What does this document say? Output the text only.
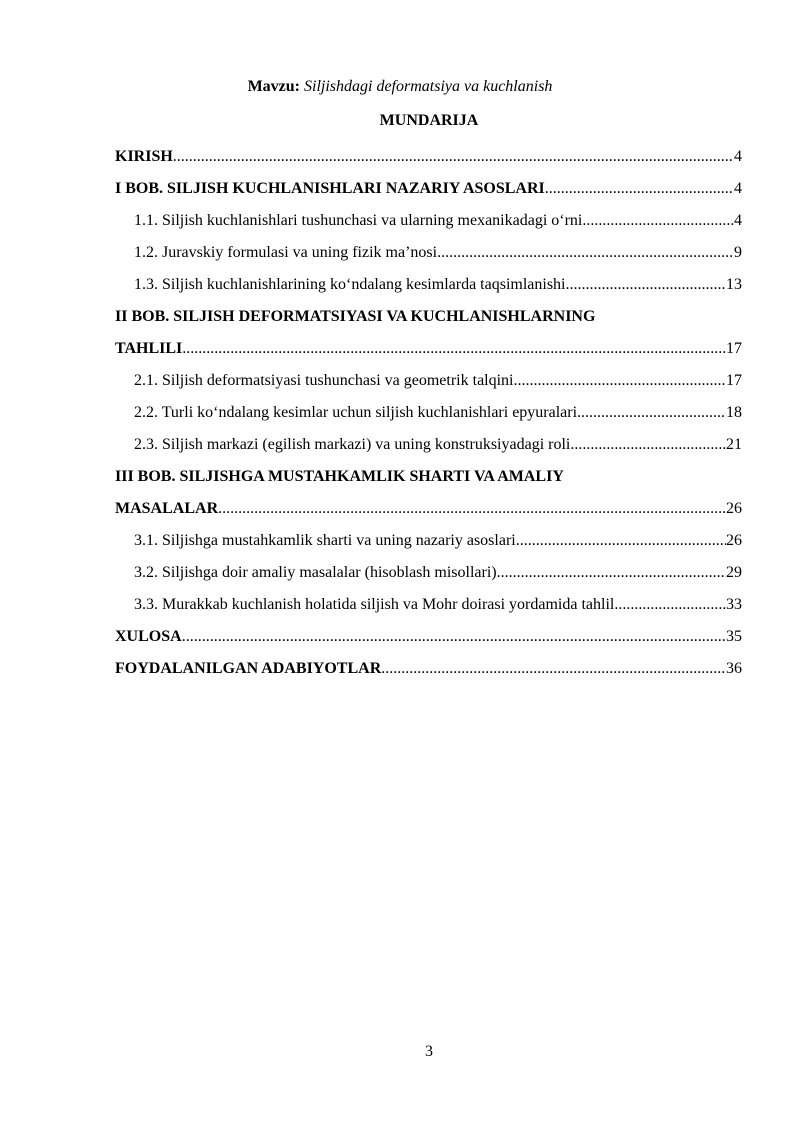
Mavzu: Siljishdagi deformatsiya va kuchlanish
MUNDARIJA
KIRISH .....	4
I BOB. SILJISH KUCHLANISHLARI NAZARIY ASOSLARI .....	4
1.1. Siljish kuchlanishlari tushunchasi va ularning mexanikadagi o‘rni .....	4
1.2. Juravskiy formulasi va uning fizik ma’nosi .....	9
1.3. Siljish kuchlanishlarining ko‘ndalang kesimlarda taqsimlanishi .....	13
II BOB. SILJISH DEFORMATSIYASI VA KUCHLANISHLARNING
TAHLILI .....	17
2.1. Siljish deformatsiyasi tushunchasi va geometrik talqini .....	17
2.2. Turli ko‘ndalang kesimlar uchun siljish kuchlanishlari epyuralari .....	18
2.3. Siljish markazi (egilish markazi) va uning konstruksiyadagi roli .....	21
III BOB. SILJISHGA MUSTAHKAMLIK SHARTI VA AMALIY
MASALALAR .....	26
3.1. Siljishga mustahkamlik sharti va uning nazariy asoslari .....	26
3.2. Siljishga doir amaliy masalalar (hisoblash misollari) .....	29
3.3. Murakkab kuchlanish holatida siljish va Mohr doirasi yordamida tahlil .....	33
XULOSA .....	35
FOYDALANILGAN ADABIYOTLAR .....	36
3
